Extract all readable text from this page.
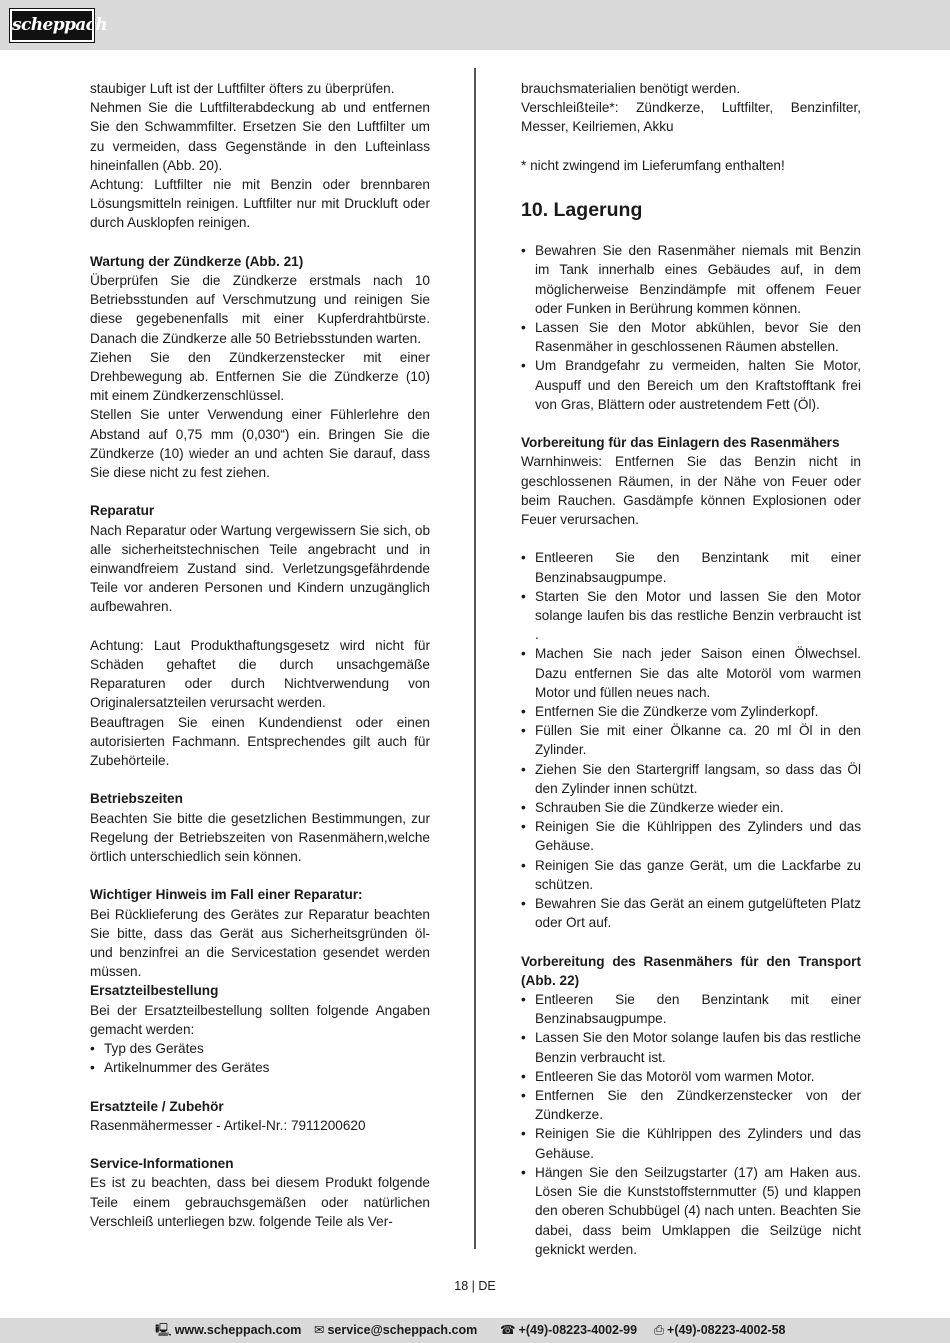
scheppach

staubiger Luft ist der Luftfilter öfters zu überprüfen.

Nehmen Sie die Luftfilterabdeckung ab und entfernen Sie den Schwammfilter. Ersetzen Sie den Luftfilter um zu vermeiden, dass Gegenstände in den Lufteinlass hineinfallen (Abb. 20).

Achtung: Luftfilter nie mit Benzin oder brennbaren Lösungsmitteln reinigen. Luftfilter nur mit Druckluft oder durch Ausklopfen reinigen.

Wartung der Zündkerze (Abb. 21)

Überprüfen Sie die Zündkerze erstmals nach 10 Betriebsstunden auf Verschmutzung und reinigen Sie diese gegebenenfalls mit einer Kupferdrahtbürste. Danach die Zündkerze alle 50 Betriebsstunden warten.

Ziehen Sie den Zündkerzenstecker mit einer Drehbewegung ab. Entfernen Sie die Zündkerze (10) mit einem Zündkerzenschlüssel.

Stellen Sie unter Verwendung einer Fühlerlehre den Abstand auf 0,75 mm (0,030“) ein. Bringen Sie die Zündkerze (10) wieder an und achten Sie darauf, dass Sie diese nicht zu fest ziehen.

Reparatur

Nach Reparatur oder Wartung vergewissern Sie sich, ob alle sicherheitstechnischen Teile angebracht und in einwandfreiem Zustand sind. Verletzungsgefährdende Teile vor anderen Personen und Kindern unzugänglich aufbewahren.

Achtung: Laut Produkthaftungsgesetz wird nicht für Schäden gehaftet die durch unsachgemäße Reparaturen oder durch Nichtverwendung von Originalersatzteilen verursacht werden.

Beauftragen Sie einen Kundendienst oder einen autorisierten Fachmann. Entsprechendes gilt auch für Zubehörteile.

Betriebszeiten

Beachten Sie bitte die gesetzlichen Bestimmungen, zur Regelung der Betriebszeiten von Rasenmähern,welche örtlich unterschiedlich sein können.

Wichtiger Hinweis im Fall einer Reparatur:

Bei Rücklieferung des Gerätes zur Reparatur beachten Sie bitte, dass das Gerät aus Sicherheitsgründen öl- und benzinfrei an die Servicestation gesendet werden müssen.

Ersatzteilbestellung

Bei der Ersatzteilbestellung sollten folgende Angaben gemacht werden:

• Typ des Gerätes
• Artikelnummer des Gerätes

Ersatzteile / Zubehör

Rasenmähermesser - Artikel-Nr.: 7911200620

Service-Informationen

Es ist zu beachten, dass bei diesem Produkt folgende Teile einem gebrauchsgemäßen oder natürlichen Verschleiß unterliegen bzw. folgende Teile als Ver-

brauchsmaterialien benötigt werden.

Verschleißteile*: Zündkerze, Luftfilter, Benzinfilter, Messer, Keilriemen, Akku

* nicht zwingend im Lieferumfang enthalten!

10. Lagerung
• Bewahren Sie den Rasenmäher niemals mit Benzin im Tank innerhalb eines Gebäudes auf, in dem möglicherweise Benzindämpfe mit offenem Feuer oder Funken in Berührung kommen können.
• Lassen Sie den Motor abkühlen, bevor Sie den Rasenmäher in geschlossenen Räumen abstellen.
• Um Brandgefahr zu vermeiden, halten Sie Motor, Auspuff und den Bereich um den Kraftstofftank frei von Gras, Blättern oder austretendem Fett (Öl).

Vorbereitung für das Einlagern des Rasenmähers

Warnhinweis: Entfernen Sie das Benzin nicht in geschlossenen Räumen, in der Nähe von Feuer oder beim Rauchen. Gasdämpfe können Explosionen oder Feuer verursachen.

• Entleeren Sie den Benzintank mit einer Benzinabsaugpumpe.
• Starten Sie den Motor und lassen Sie den Motor solange laufen bis das restliche Benzin verbraucht ist .
• Machen Sie nach jeder Saison einen Ölwechsel. Dazu entfernen Sie das alte Motoröl vom warmen Motor und füllen neues nach.
• Entfernen Sie die Zündkerze vom Zylinderkopf.
• Füllen Sie mit einer Ölkanne ca. 20 ml Öl in den Zylinder.
• Ziehen Sie den Startergriff langsam, so dass das Öl den Zylinder innen schützt.
• Schrauben Sie die Zündkerze wieder ein.
• Reinigen Sie die Kühlrippen des Zylinders und das Gehäuse.
• Reinigen Sie das ganze Gerät, um die Lackfarbe zu schützen.
• Bewahren Sie das Gerät an einem gutgelüfteten Platz oder Ort auf.

Vorbereitung des Rasenmähers für den Transport (Abb. 22)

• Entleeren Sie den Benzintank mit einer Benzinabsaugpumpe.
• Lassen Sie den Motor solange laufen bis das restliche Benzin verbraucht ist.
• Entleeren Sie das Motoröl vom warmen Motor.
• Entfernen Sie den Zündkerzenstecker von der Zündkerze.
• Reinigen Sie die Kühlrippen des Zylinders und das Gehäuse.
• Hängen Sie den Seilzugstarter (17) am Haken aus. Lösen Sie die Kunststoffsternmutter (5) und klappen den oberen Schubbügel (4) nach unten. Beachten Sie dabei, dass beim Umklappen die Seilzüge nicht geknickt werden.
18 | DE
🖳 www.scheppach.com ✉ service@scheppach.com ☎ +(49)-08223-4002-99 ⎙ +(49)-08223-4002-58
